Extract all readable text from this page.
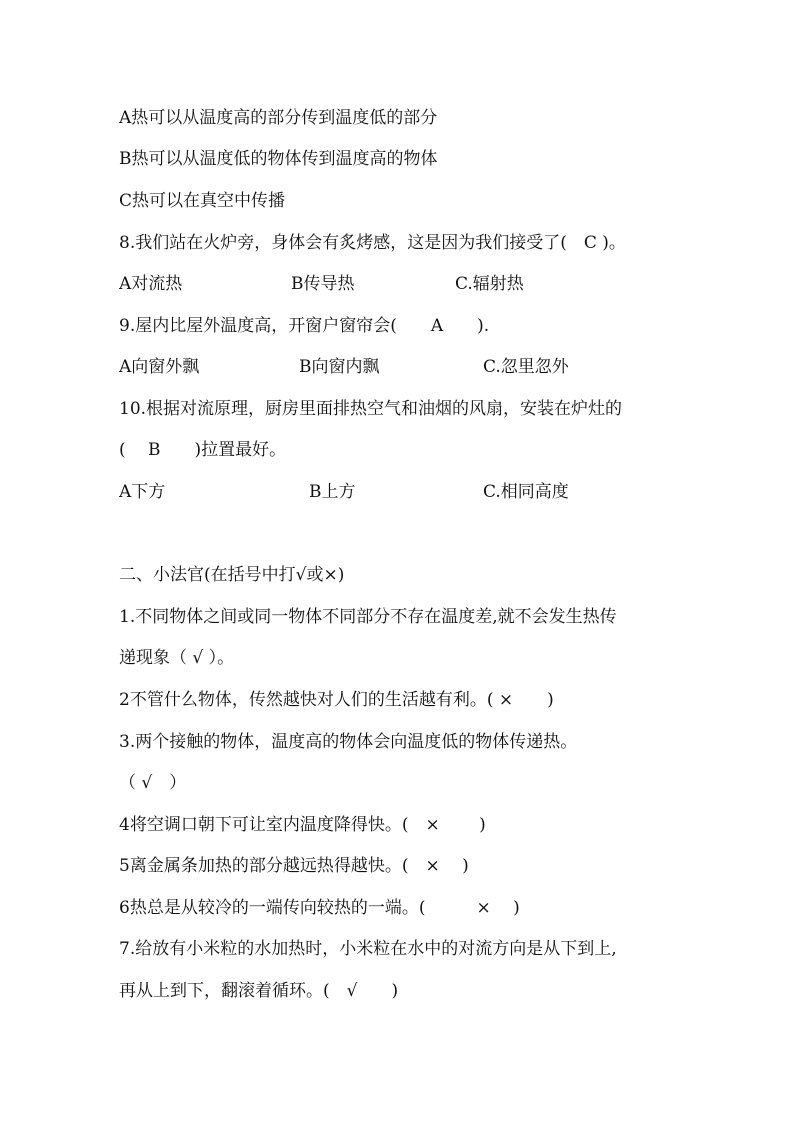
A热可以从温度高的部分传到温度低的部分
B热可以从温度低的物体传到温度高的物体
C热可以在真空中传播
8.我们站在火炉旁，身体会有炙烤感，这是因为我们接受了(　C )。

A对流热

	B传导热

	C.辐射热

9.屋内比屋外温度高，开窗户窗帘会(　　A　　).

A向窗外飘

	B向窗内飘

	C.忽里忽外

10.根据对流原理，厨房里面排热空气和油烟的风扇，安装在炉灶的
(　 B　　)拉置最好。

A下方

	B上方

	C.相同高度

二、小法官(在括号中打√或×)
1.不同物体之间或同一物体不同部分不存在温度差,就不会发生热传
递现象（ √ ）。
2不管什么物体，传然越快对人们的生活越有利。( ×　　)
3.两个接触的物体，温度高的物体会向温度低的物体传递热。
（ √　）
4将空调口朝下可让室内温度降得快。(　×　　 )
5离金属条加热的部分越远热得越快。(　×　 )
6热总是从较冷的一端传向较热的一端。(　　　×　 )
7.给放有小米粒的水加热时，小米粒在水中的对流方向是从下到上,
再从上到下，翻滚着循环。(　√　　)
